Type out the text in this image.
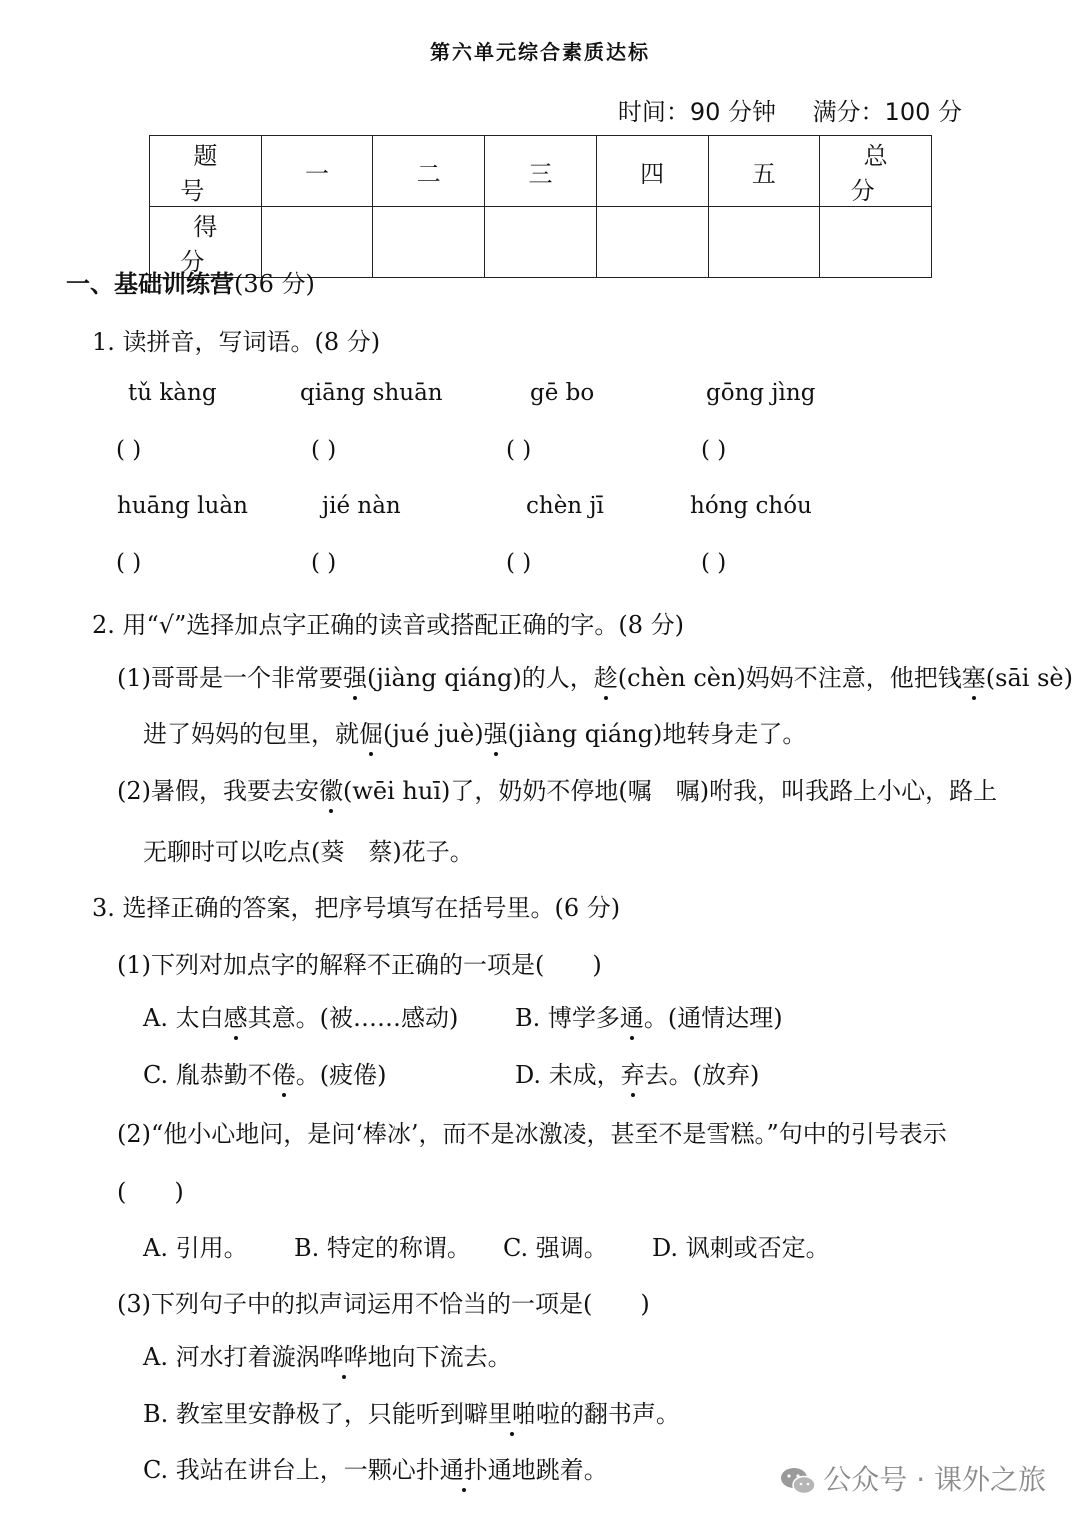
第六单元综合素质达标
时间：90 分钟 满分：100 分
题号	一	二	三	四	五	总分
得分						
一、基础训练营(36 分)
1. 读拼音，写词语。(8 分)
tǔ kàng	qiāng shuān	gē bo	gōng jìng
( )	( )	( )	( )
huāng luàn	jié nàn	chèn jī	hóng chóu
( )	( )	( )	( )
2. 用“√”选择加点字正确的读音或搭配正确的字。(8 分)
(1)哥哥是一个非常要强(jiàng qiáng)的人，趁(chèn cèn)妈妈不注意，他把钱塞(sāi sè)
进了妈妈的包里，就倔(jué juè)强(jiàng qiáng)地转身走了。
(2)暑假，我要去安徽(wēi huī)了，奶奶不停地(嘱　嘱)咐我，叫我路上小心，路上
无聊时可以吃点(葵　蔡)花子。
3. 选择正确的答案，把序号填写在括号里。(6 分)
(1)下列对加点字的解释不正确的一项是(　　)
A. 太白感其意。(被……感动) B. 博学多通。(通情达理)
C. 胤恭勤不倦。(疲倦)	D. 未成，弃去。(放弃)
(2)“他小心地问，是问‘棒冰’，而不是冰激凌，甚至不是雪糕。”句中的引号表示
(　　)
A. 引用。 B. 特定的称谓。 C. 强调。 D. 讽刺或否定。
(3)下列句子中的拟声词运用不恰当的一项是(　　)
A. 河水打着漩涡哗哗地向下流去。
B. 教室里安静极了，只能听到噼里啪啦的翻书声。
C. 我站在讲台上，一颗心扑通扑通地跳着。	公众号 · 课外之旅
